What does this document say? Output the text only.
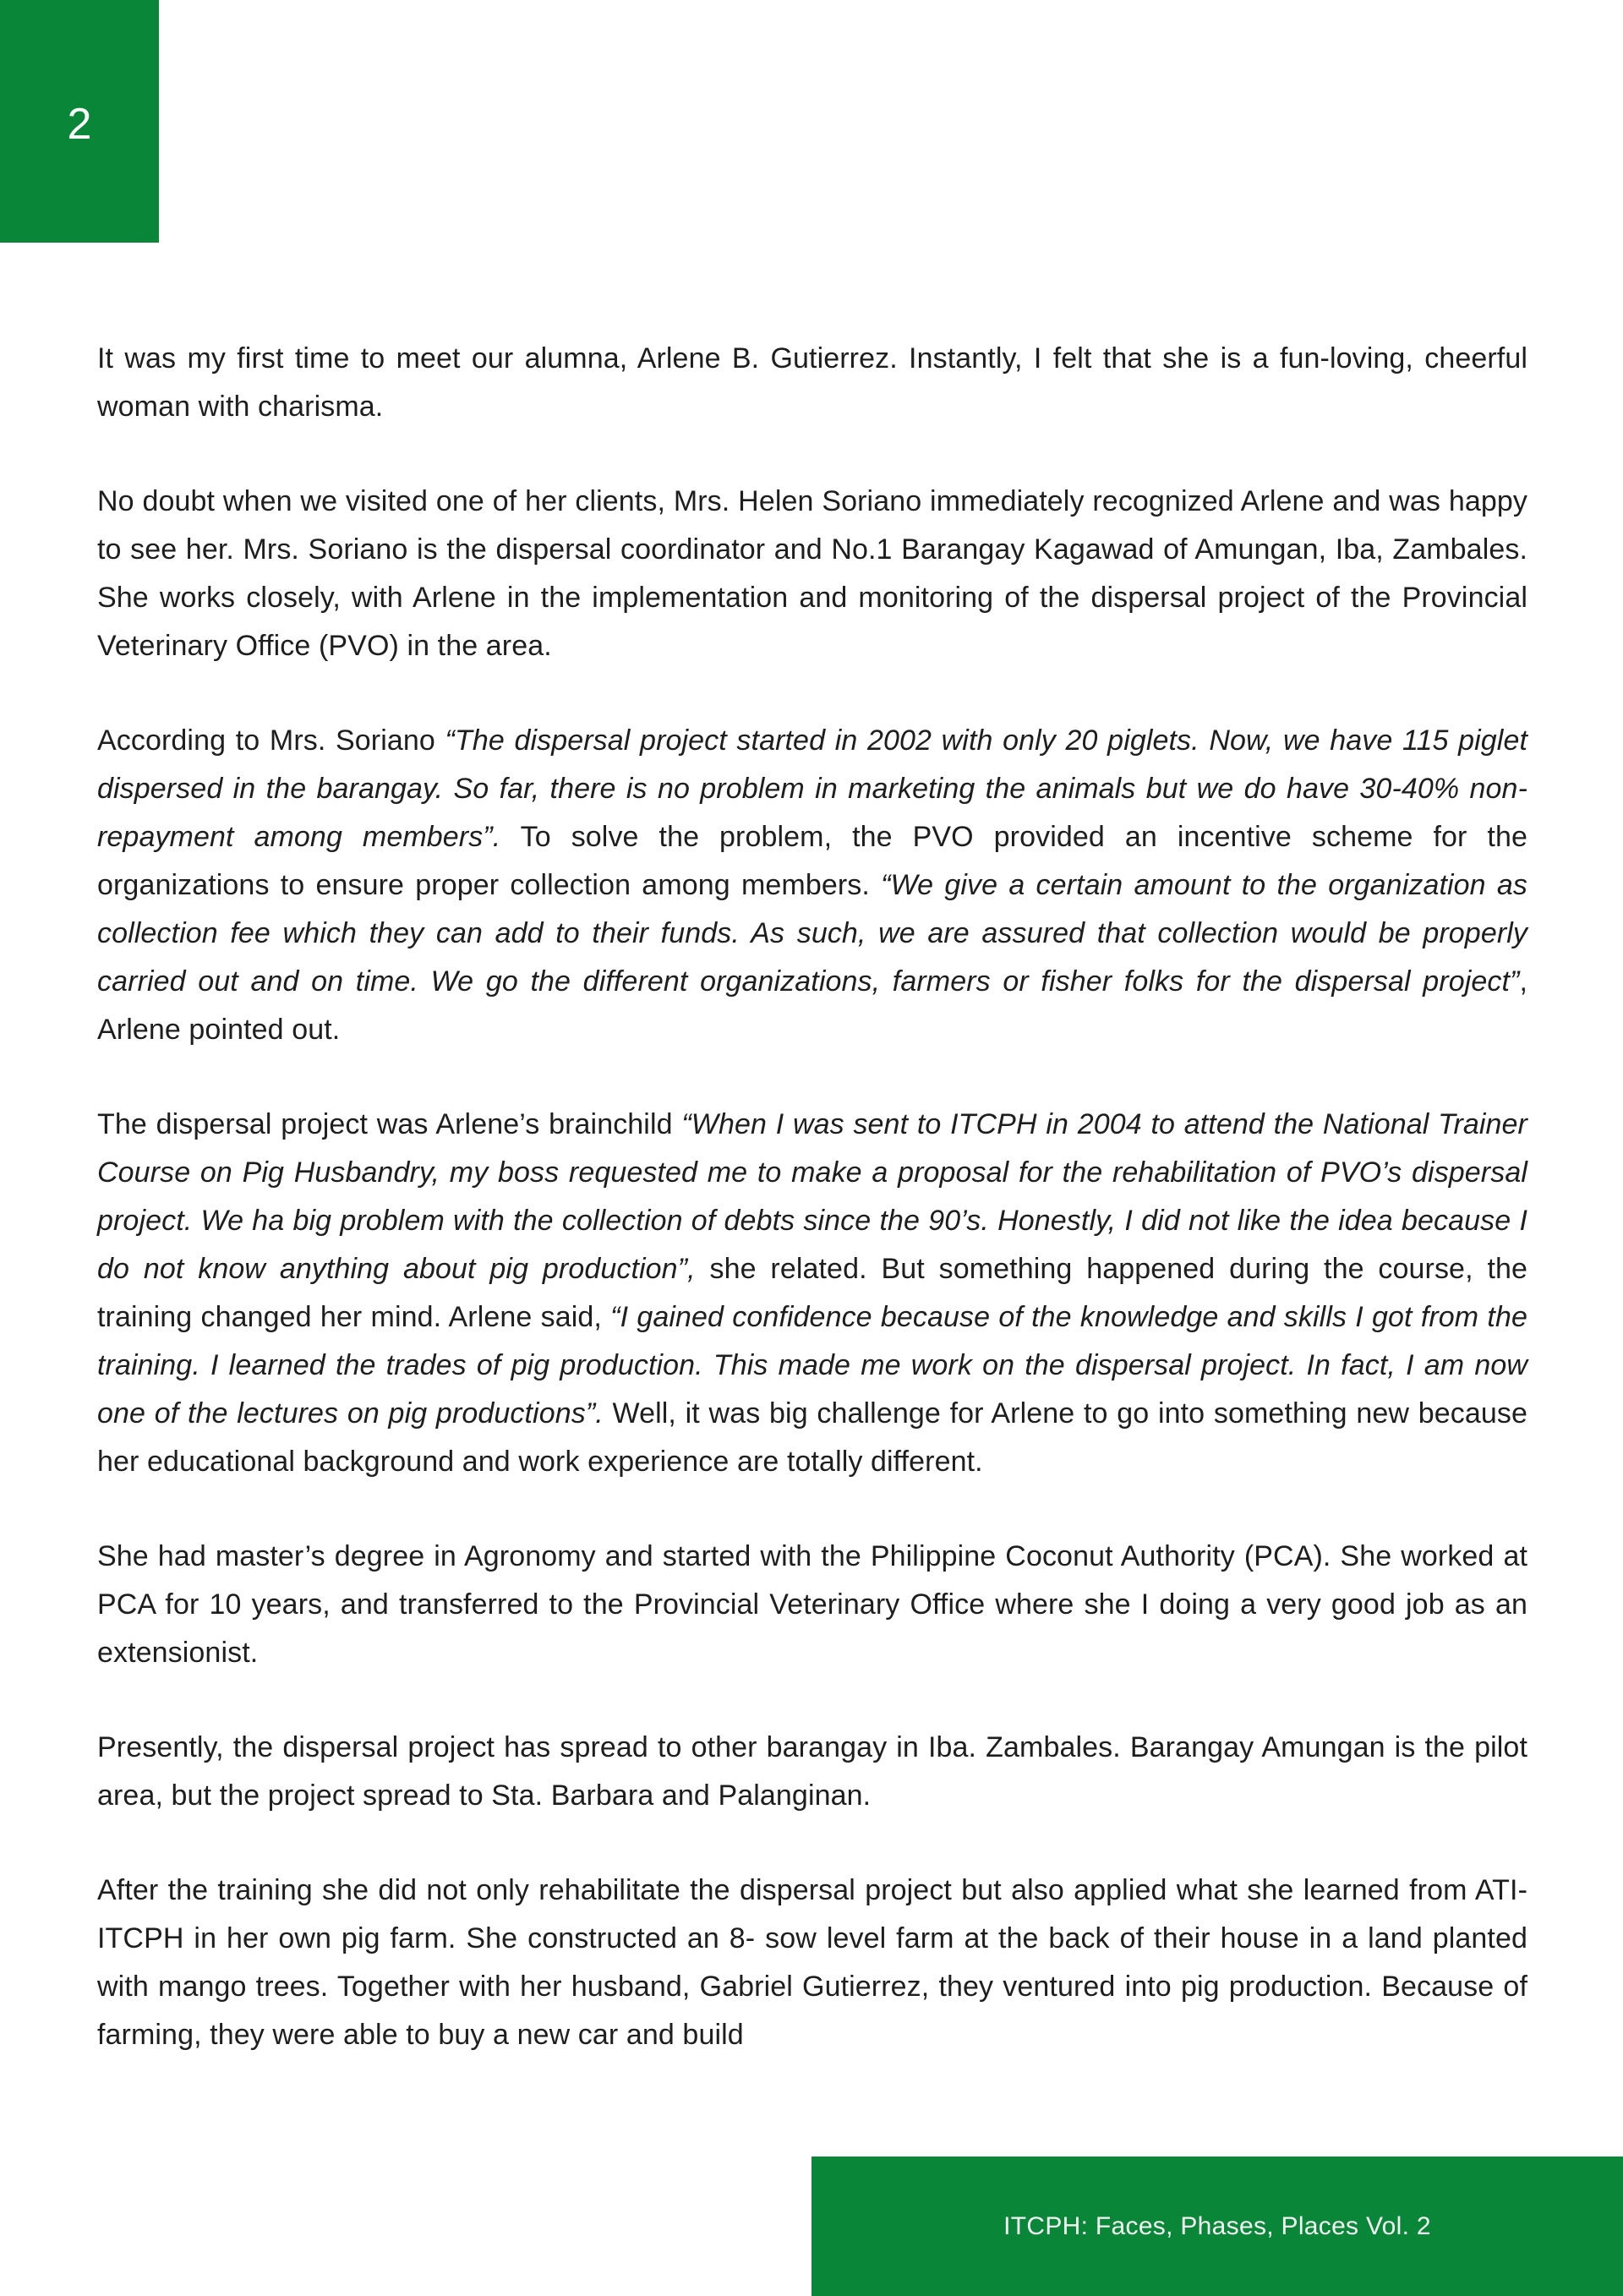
2

It was my first time to meet our alumna, Arlene B. Gutierrez. Instantly, I felt that she is a fun-loving, cheerful woman with charisma.

No doubt when we visited one of her clients, Mrs. Helen Soriano immediately recognized Arlene and was happy to see her. Mrs. Soriano is the dispersal coordinator and No.1 Barangay Kagawad of Amungan, Iba, Zambales. She works closely, with Arlene in the implementation and monitoring of the dispersal project of the Provincial Veterinary Office (PVO) in the area.

According to Mrs. Soriano “The dispersal project started in 2002 with only 20 piglets. Now, we have 115 piglet dispersed in the barangay. So far, there is no problem in marketing the animals but we do have 30-40% non-repayment among members”. To solve the problem, the PVO provided an incentive scheme for the organizations to ensure proper collection among members. “We give a certain amount to the organization as collection fee which they can add to their funds. As such, we are assured that collection would be properly carried out and on time. We go the different organizations, farmers or fisher folks for the dispersal project”, Arlene pointed out.

The dispersal project was Arlene’s brainchild “When I was sent to ITCPH in 2004 to attend the National Trainer Course on Pig Husbandry, my boss requested me to make a proposal for the rehabilitation of PVO’s dispersal project. We ha big problem with the collection of debts since the 90’s. Honestly, I did not like the idea because I do not know anything about pig production”, she related. But something happened during the course, the training changed her mind. Arlene said, “I gained confidence because of the knowledge and skills I got from the training. I learned the trades of pig production. This made me work on the dispersal project. In fact, I am now one of the lectures on pig productions”. Well, it was big challenge for Arlene to go into something new because her educational background and work experience are totally different.

She had master’s degree in Agronomy and started with the Philippine Coconut Authority (PCA). She worked at PCA for 10 years, and transferred to the Provincial Veterinary Office where she I doing a very good job as an extensionist.

Presently, the dispersal project has spread to other barangay in Iba. Zambales. Barangay Amungan is the pilot area, but the project spread to Sta. Barbara and Palanginan.

After the training she did not only rehabilitate the dispersal project but also applied what she learned from ATI-ITCPH in her own pig farm. She constructed an 8- sow level farm at the back of their house in a land planted with mango trees. Together with her husband, Gabriel Gutierrez, they ventured into pig production. Because of farming, they were able to buy a new car and build

ITCPH: Faces, Phases, Places Vol. 2
